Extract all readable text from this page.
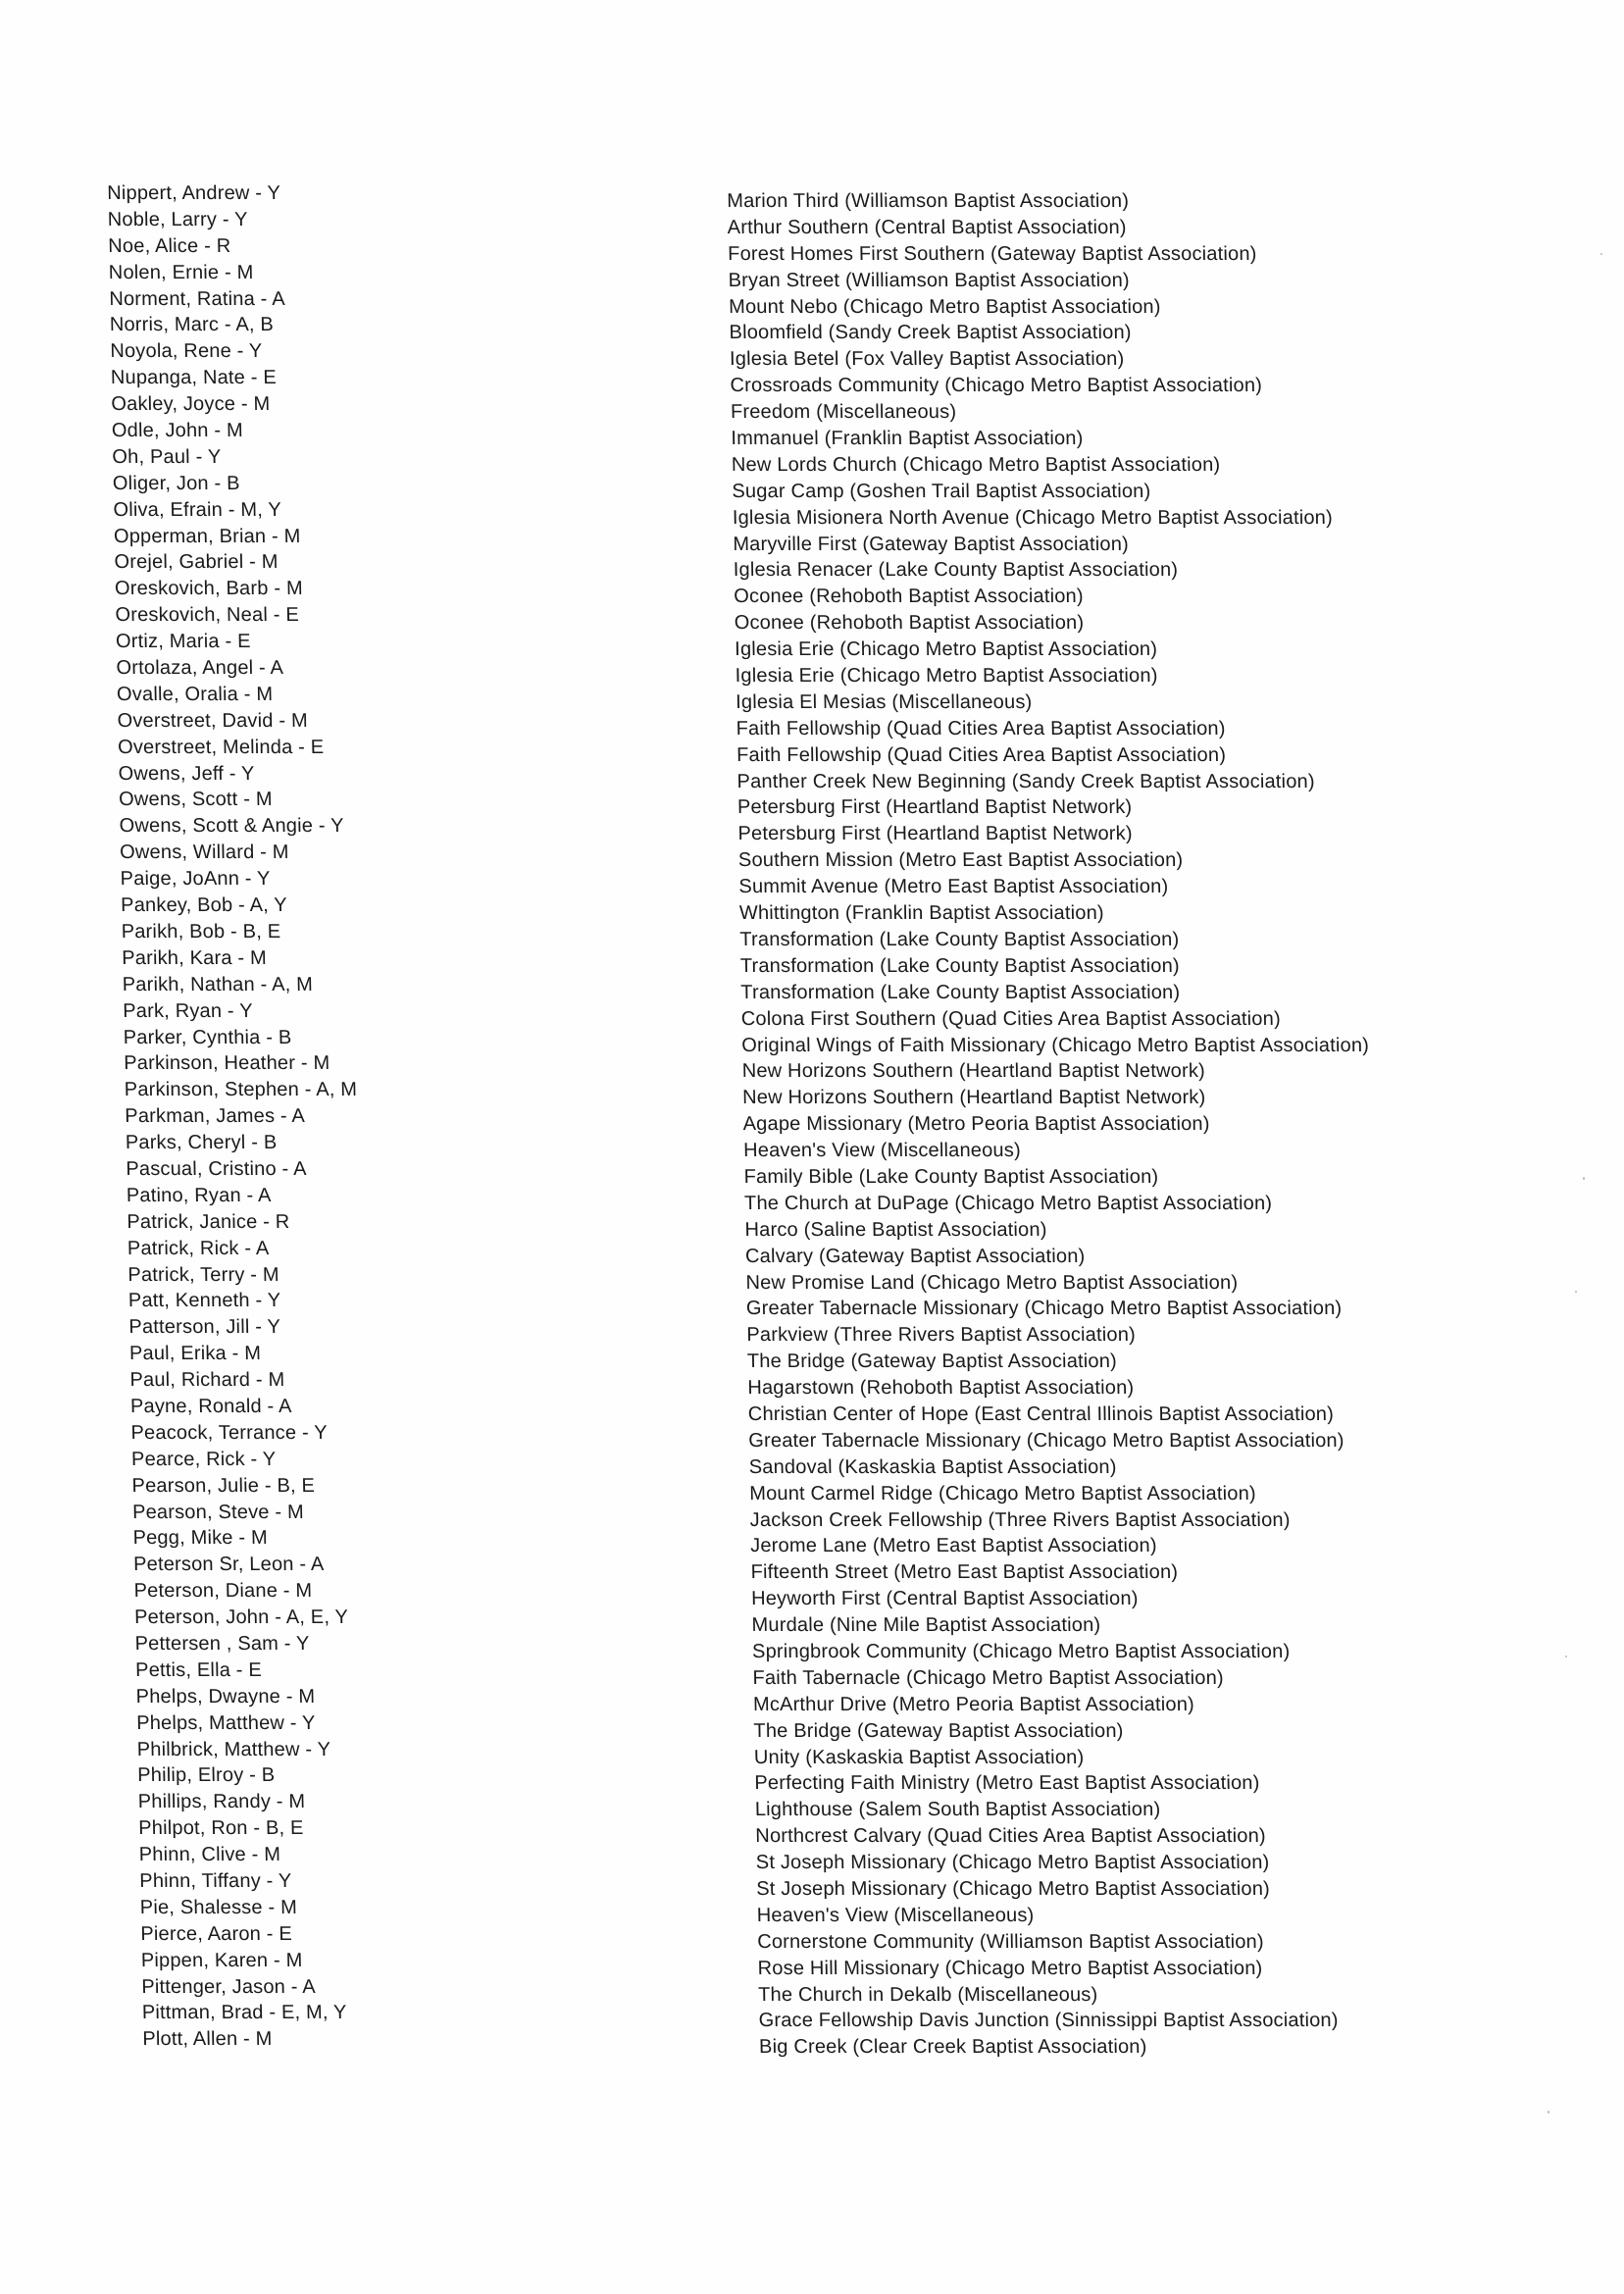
Nippert, Andrew - Y
Noble, Larry - Y
Noe, Alice - R
Nolen, Ernie - M
Norment, Ratina - A
Norris, Marc - A, B
Noyola, Rene - Y
Nupanga, Nate - E
Oakley, Joyce - M
Odle, John - M
Oh, Paul - Y
Oliger, Jon - B
Oliva, Efrain - M, Y
Opperman, Brian - M
Orejel, Gabriel - M
Oreskovich, Barb - M
Oreskovich, Neal - E
Ortiz, Maria - E
Ortolaza, Angel - A
Ovalle, Oralia - M
Overstreet, David - M
Overstreet, Melinda - E
Owens, Jeff - Y
Owens, Scott - M
Owens, Scott & Angie - Y
Owens, Willard - M
Paige, JoAnn - Y
Pankey, Bob - A, Y
Parikh, Bob - B, E
Parikh, Kara - M
Parikh, Nathan - A, M
Park, Ryan - Y
Parker, Cynthia - B
Parkinson, Heather - M
Parkinson, Stephen - A, M
Parkman, James - A
Parks, Cheryl - B
Pascual, Cristino - A
Patino, Ryan - A
Patrick, Janice - R
Patrick, Rick - A
Patrick, Terry - M
Patt, Kenneth - Y
Patterson, Jill - Y
Paul, Erika - M
Paul, Richard - M
Payne, Ronald - A
Peacock, Terrance - Y
Pearce, Rick - Y
Pearson, Julie - B, E
Pearson, Steve - M
Pegg, Mike - M
Peterson Sr, Leon - A
Peterson, Diane - M
Peterson, John - A, E, Y
Pettersen , Sam - Y
Pettis, Ella - E
Phelps, Dwayne - M
Phelps, Matthew - Y
Philbrick, Matthew - Y
Philip, Elroy - B
Phillips, Randy - M
Philpot, Ron - B, E
Phinn, Clive - M
Phinn, Tiffany - Y
Pie, Shalesse - M
Pierce, Aaron - E
Pippen, Karen - M
Pittenger, Jason - A
Pittman, Brad - E, M, Y
Plott, Allen - M
Marion Third (Williamson Baptist Association)
Arthur Southern (Central Baptist Association)
Forest Homes First Southern (Gateway Baptist Association)
Bryan Street (Williamson Baptist Association)
Mount Nebo (Chicago Metro Baptist Association)
Bloomfield (Sandy Creek Baptist Association)
Iglesia Betel (Fox Valley Baptist Association)
Crossroads Community (Chicago Metro Baptist Association)
Freedom (Miscellaneous)
Immanuel (Franklin Baptist Association)
New Lords Church (Chicago Metro Baptist Association)
Sugar Camp (Goshen Trail Baptist Association)
Iglesia Misionera North Avenue (Chicago Metro Baptist Association)
Maryville First (Gateway Baptist Association)
Iglesia Renacer (Lake County Baptist Association)
Oconee (Rehoboth Baptist Association)
Oconee (Rehoboth Baptist Association)
Iglesia Erie (Chicago Metro Baptist Association)
Iglesia Erie (Chicago Metro Baptist Association)
Iglesia El Mesias (Miscellaneous)
Faith Fellowship (Quad Cities Area Baptist Association)
Faith Fellowship (Quad Cities Area Baptist Association)
Panther Creek New Beginning (Sandy Creek Baptist Association)
Petersburg First (Heartland Baptist Network)
Petersburg First (Heartland Baptist Network)
Southern Mission (Metro East Baptist Association)
Summit Avenue (Metro East Baptist Association)
Whittington (Franklin Baptist Association)
Transformation (Lake County Baptist Association)
Transformation (Lake County Baptist Association)
Transformation (Lake County Baptist Association)
Colona First Southern (Quad Cities Area Baptist Association)
Original Wings of Faith Missionary (Chicago Metro Baptist Association)
New Horizons Southern (Heartland Baptist Network)
New Horizons Southern (Heartland Baptist Network)
Agape Missionary (Metro Peoria Baptist Association)
Heaven's View (Miscellaneous)
Family Bible (Lake County Baptist Association)
The Church at DuPage (Chicago Metro Baptist Association)
Harco (Saline Baptist Association)
Calvary (Gateway Baptist Association)
New Promise Land (Chicago Metro Baptist Association)
Greater Tabernacle Missionary (Chicago Metro Baptist Association)
Parkview (Three Rivers Baptist Association)
The Bridge (Gateway Baptist Association)
Hagarstown (Rehoboth Baptist Association)
Christian Center of Hope (East Central Illinois Baptist Association)
Greater Tabernacle Missionary (Chicago Metro Baptist Association)
Sandoval (Kaskaskia Baptist Association)
Mount Carmel Ridge (Chicago Metro Baptist Association)
Jackson Creek Fellowship (Three Rivers Baptist Association)
Jerome Lane (Metro East Baptist Association)
Fifteenth Street (Metro East Baptist Association)
Heyworth First (Central Baptist Association)
Murdale (Nine Mile Baptist Association)
Springbrook Community (Chicago Metro Baptist Association)
Faith Tabernacle (Chicago Metro Baptist Association)
McArthur Drive (Metro Peoria Baptist Association)
The Bridge (Gateway Baptist Association)
Unity (Kaskaskia Baptist Association)
Perfecting Faith Ministry (Metro East Baptist Association)
Lighthouse (Salem South Baptist Association)
Northcrest Calvary (Quad Cities Area Baptist Association)
St Joseph Missionary (Chicago Metro Baptist Association)
St Joseph Missionary (Chicago Metro Baptist Association)
Heaven's View (Miscellaneous)
Cornerstone Community (Williamson Baptist Association)
Rose Hill Missionary (Chicago Metro Baptist Association)
The Church in Dekalb (Miscellaneous)
Grace Fellowship Davis Junction (Sinnissippi Baptist Association)
Big Creek (Clear Creek Baptist Association)
